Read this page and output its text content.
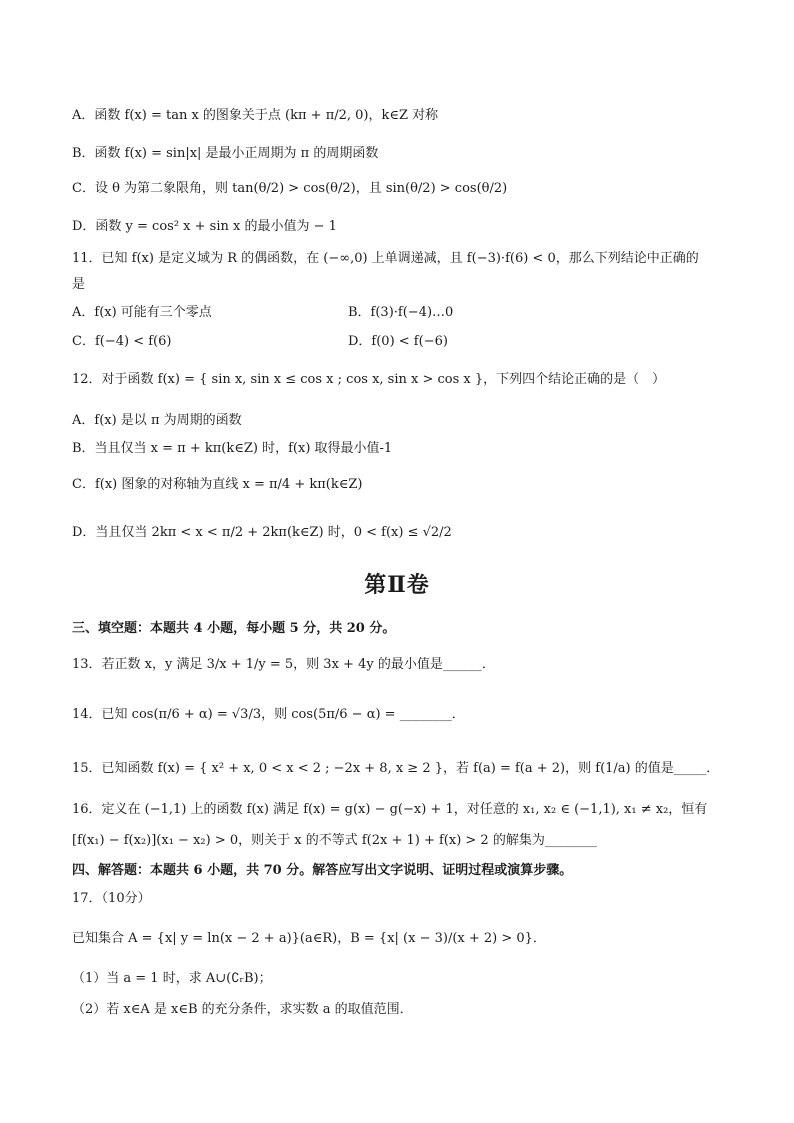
A．函数 f(x) = tan x 的图象关于点 (kπ + π/2, 0)，k∈Z 对称
B．函数 f(x) = sin|x| 是最小正周期为 π 的周期函数
C．设 θ 为第二象限角，则 tan(θ/2) > cos(θ/2)，且 sin(θ/2) > cos(θ/2)
D．函数 y = cos² x + sin x 的最小值为 − 1
11．已知 f(x) 是定义域为 R 的偶函数，在 (−∞,0) 上单调递减，且 f(−3)·f(6) < 0，那么下列结论中正确的
是
A．f(x) 可能有三个零点	B．f(3)·f(−4)…0
C．f(−4) < f(6)	D．f(0) < f(−6)
12．对于函数 f(x) = { sin x, sin x ≤ cos x ; cos x, sin x > cos x }，下列四个结论正确的是（　）
A．f(x) 是以 π 为周期的函数
B．当且仅当 x = π + kπ(k∈Z) 时，f(x) 取得最小值-1
C．f(x) 图象的对称轴为直线 x = π/4 + kπ(k∈Z)
D．当且仅当 2kπ < x < π/2 + 2kπ(k∈Z) 时，0 < f(x) ≤ √2/2
第Ⅱ卷
三、填空题：本题共 4 小题，每小题 5 分，共 20 分。
13．若正数 x，y 满足 3/x + 1/y = 5，则 3x + 4y 的最小值是______．
14．已知 cos(π/6 + α) = √3/3，则 cos(5π/6 − α) = ________．
15．已知函数 f(x) = { x² + x, 0 < x < 2 ; −2x + 8, x ≥ 2 }，若 f(a) = f(a + 2)，则 f(1/a) 的值是_____．
16．定义在 (−1,1) 上的函数 f(x) 满足 f(x) = g(x) − g(−x) + 1，对任意的 x₁, x₂ ∈ (−1,1), x₁ ≠ x₂，恒有
[f(x₁) − f(x₂)](x₁ − x₂) > 0，则关于 x 的不等式 f(2x + 1) + f(x) > 2 的解集为________
四、解答题：本题共 6 小题，共 70 分。解答应写出文字说明、证明过程或演算步骤。
17．（10分）
已知集合 A = {x| y = ln(x − 2 + a)}(a∈R)，B = {x| (x − 3)/(x + 2) > 0}．
（1）当 a = 1 时，求 A∪(∁ᵣB)；
（2）若 x∈A 是 x∈B 的充分条件，求实数 a 的取值范围．
